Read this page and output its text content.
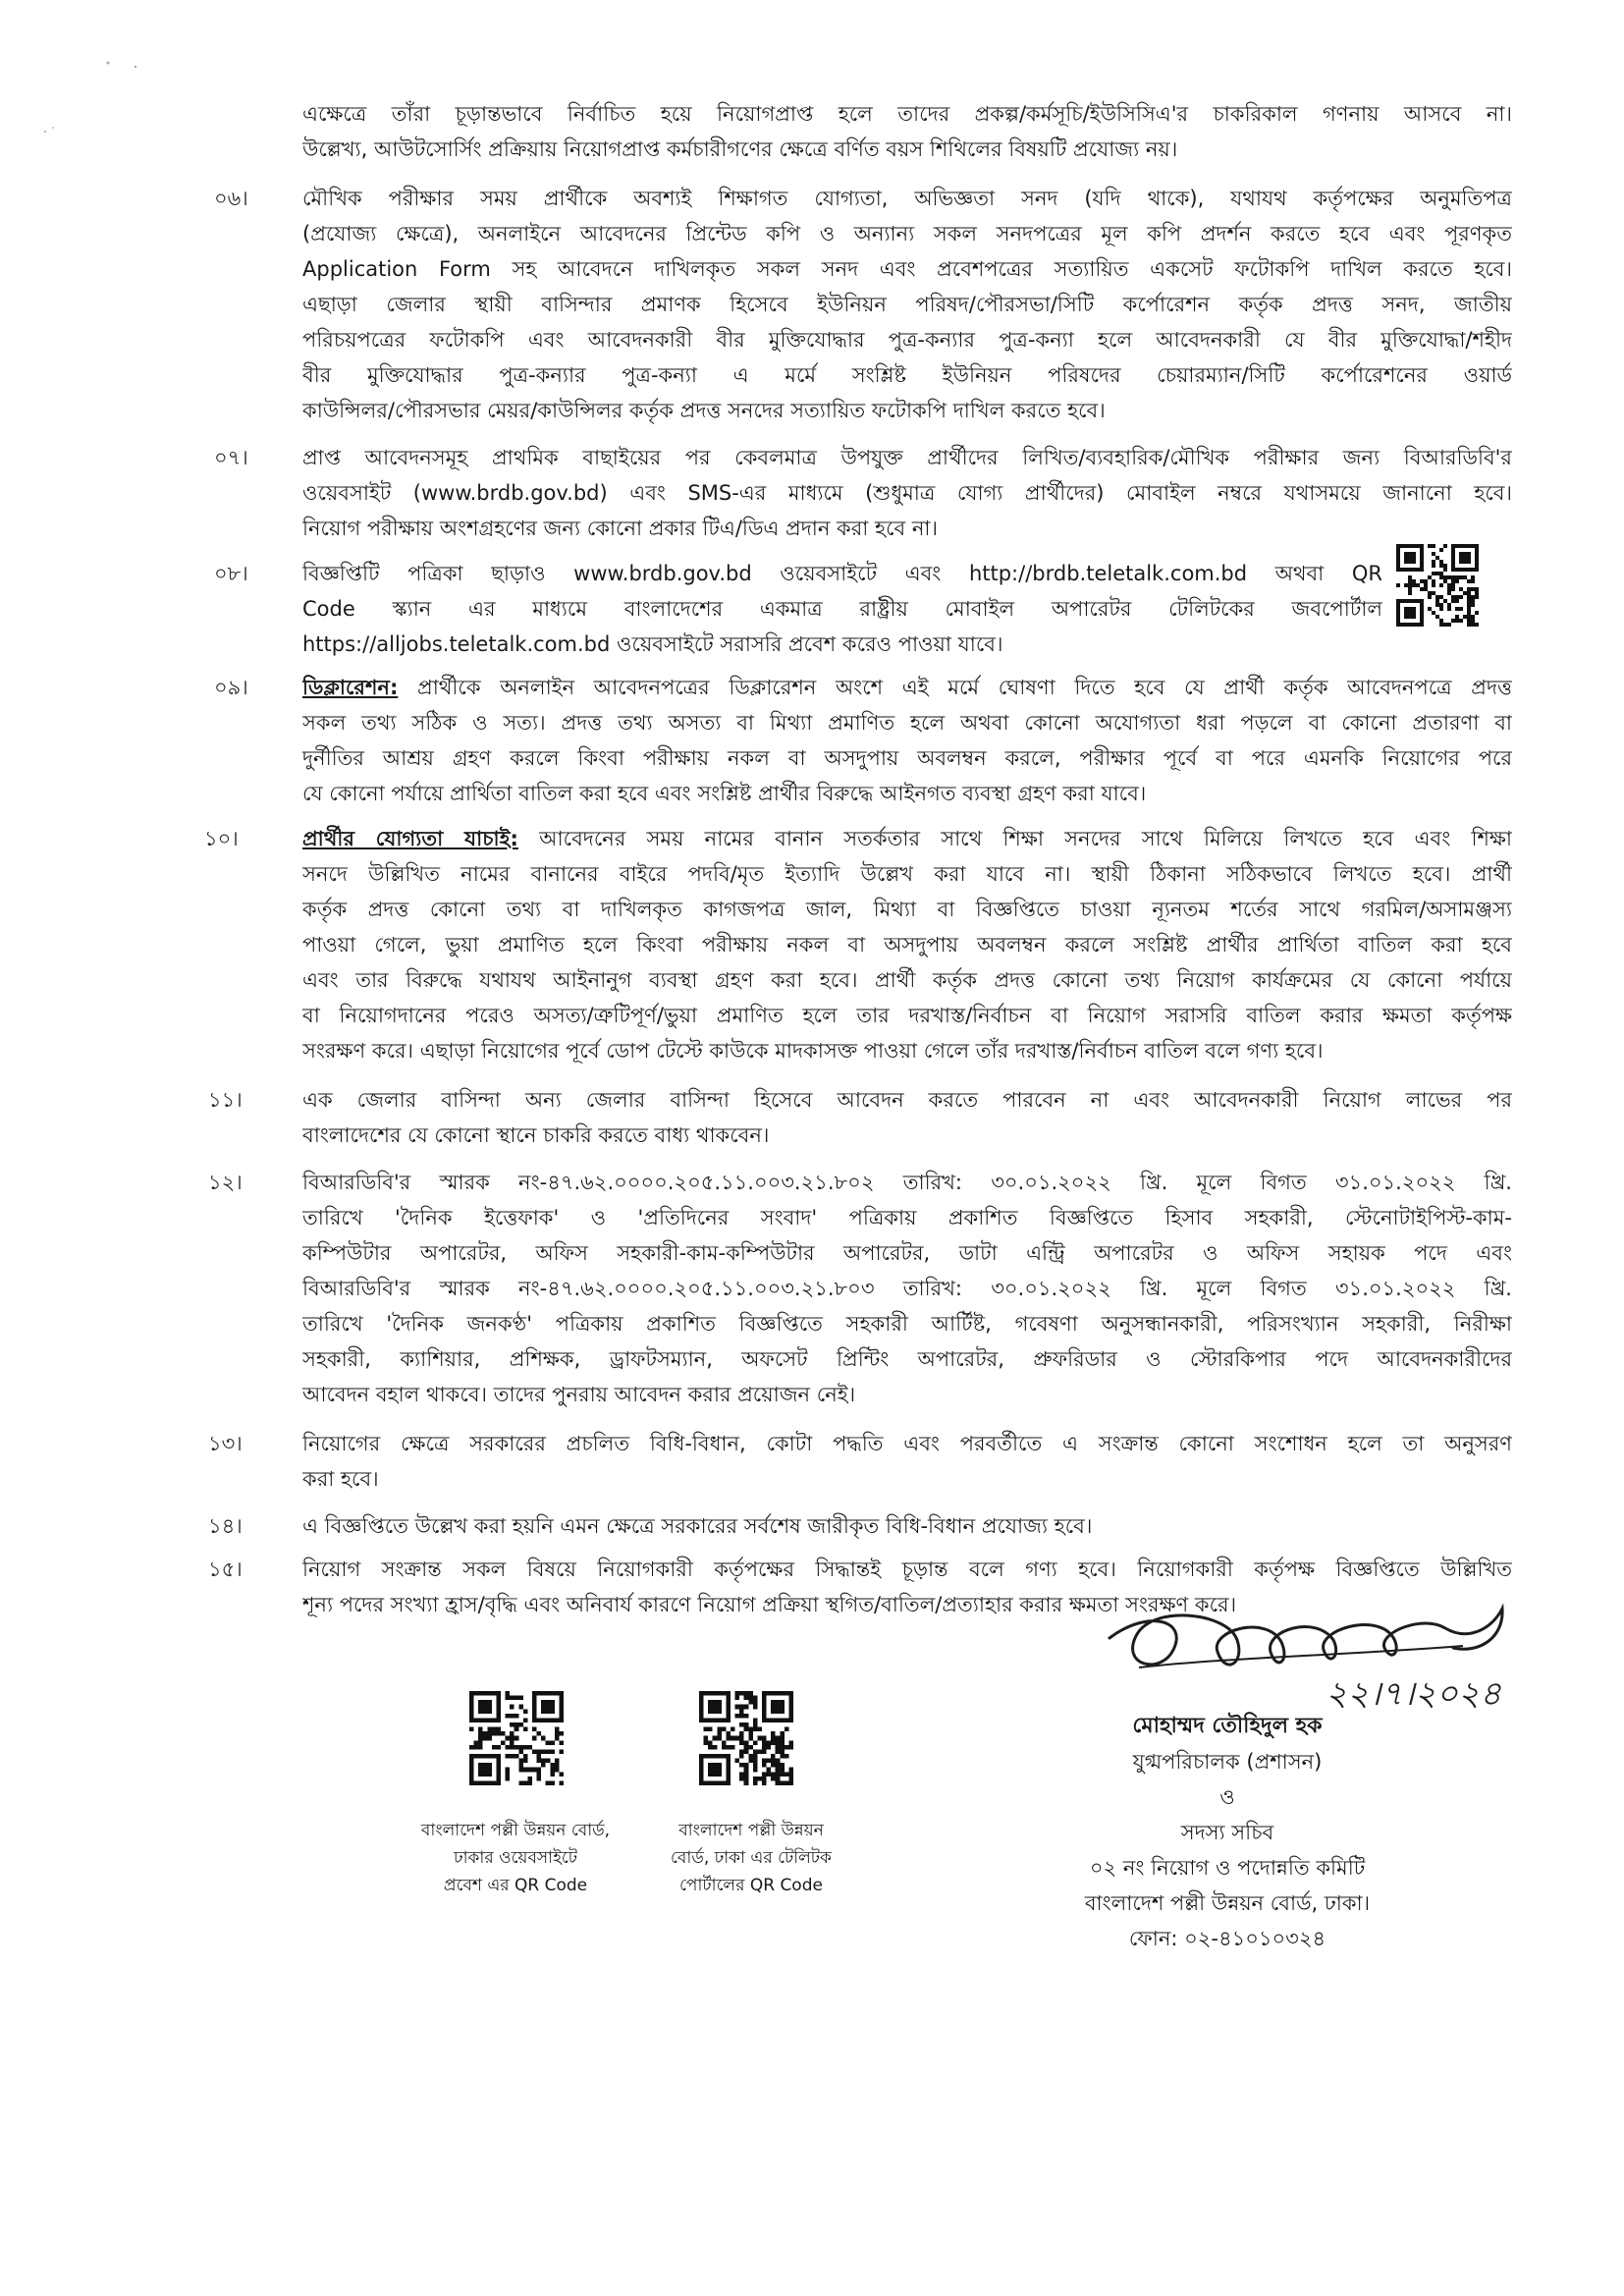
এক্ষেত্রে তাঁরা চূড়ান্তভাবে নির্বাচিত হয়ে নিয়োগপ্রাপ্ত হলে তাদের প্রকল্প/কর্মসূচি/ইউসিসিএ'র চাকরিকাল গণনায় আসবে না।
উল্লেখ্য, আউটসোর্সিং প্রক্রিয়ায় নিয়োগপ্রাপ্ত কর্মচারীগণের ক্ষেত্রে বর্ণিত বয়স শিথিলের বিষয়টি প্রযোজ্য নয়।
০৬।	মৌখিক পরীক্ষার সময় প্রার্থীকে অবশ্যই শিক্ষাগত যোগ্যতা, অভিজ্ঞতা সনদ (যদি থাকে), যথাযথ কর্তৃপক্ষের অনুমতিপত্র
(প্রযোজ্য ক্ষেত্রে), অনলাইনে আবেদনের প্রিন্টেড কপি ও অন্যান্য সকল সনদপত্রের মূল কপি প্রদর্শন করতে হবে এবং পূরণকৃত
Application Form সহ আবেদনে দাখিলকৃত সকল সনদ এবং প্রবেশপত্রের সত্যায়িত একসেট ফটোকপি দাখিল করতে হবে।
এছাড়া জেলার স্থায়ী বাসিন্দার প্রমাণক হিসেবে ইউনিয়ন পরিষদ/পৌরসভা/সিটি কর্পোরেশন কর্তৃক প্রদত্ত সনদ, জাতীয়
পরিচয়পত্রের ফটোকপি এবং আবেদনকারী বীর মুক্তিযোদ্ধার পুত্র-কন্যার পুত্র-কন্যা হলে আবেদনকারী যে বীর মুক্তিযোদ্ধা/শহীদ
বীর মুক্তিযোদ্ধার পুত্র-কন্যার পুত্র-কন্যা এ মর্মে সংশ্লিষ্ট ইউনিয়ন পরিষদের চেয়ারম্যান/সিটি কর্পোরেশনের ওয়ার্ড
কাউন্সিলর/পৌরসভার মেয়র/কাউন্সিলর কর্তৃক প্রদত্ত সনদের সত্যায়িত ফটোকপি দাখিল করতে হবে।
০৭।	প্রাপ্ত আবেদনসমূহ প্রাথমিক বাছাইয়ের পর কেবলমাত্র উপযুক্ত প্রার্থীদের লিখিত/ব্যবহারিক/মৌখিক পরীক্ষার জন্য বিআরডিবি'র
ওয়েবসাইট (www.brdb.gov.bd) এবং SMS-এর মাধ্যমে (শুধুমাত্র যোগ্য প্রার্থীদের) মোবাইল নম্বরে যথাসময়ে জানানো হবে।
নিয়োগ পরীক্ষায় অংশগ্রহণের জন্য কোনো প্রকার টিএ/ডিএ প্রদান করা হবে না।
০৮।	বিজ্ঞপ্তিটি পত্রিকা ছাড়াও www.brdb.gov.bd ওয়েবসাইটে এবং http://brdb.teletalk.com.bd অথবা QR
Code স্ক্যান এর মাধ্যমে বাংলাদেশের একমাত্র রাষ্ট্রীয় মোবাইল অপারেটর টেলিটকের জবপোর্টাল
https://alljobs.teletalk.com.bd ওয়েবসাইটে সরাসরি প্রবেশ করেও পাওয়া যাবে।
০৯।	ডিক্লারেশন: প্রার্থীকে অনলাইন আবেদনপত্রের ডিক্লারেশন অংশে এই মর্মে ঘোষণা দিতে হবে যে প্রার্থী কর্তৃক আবেদনপত্রে প্রদত্ত
সকল তথ্য সঠিক ও সত্য। প্রদত্ত তথ্য অসত্য বা মিথ্যা প্রমাণিত হলে অথবা কোনো অযোগ্যতা ধরা পড়লে বা কোনো প্রতারণা বা
দুর্নীতির আশ্রয় গ্রহণ করলে কিংবা পরীক্ষায় নকল বা অসদুপায় অবলম্বন করলে, পরীক্ষার পূর্বে বা পরে এমনকি নিয়োগের পরে
যে কোনো পর্যায়ে প্রার্থিতা বাতিল করা হবে এবং সংশ্লিষ্ট প্রার্থীর বিরুদ্ধে আইনগত ব্যবস্থা গ্রহণ করা যাবে।
১০।	প্রার্থীর যোগ্যতা যাচাই: আবেদনের সময় নামের বানান সতর্কতার সাথে শিক্ষা সনদের সাথে মিলিয়ে লিখতে হবে এবং শিক্ষা
সনদে উল্লিখিত নামের বানানের বাইরে পদবি/মৃত ইত্যাদি উল্লেখ করা যাবে না। স্থায়ী ঠিকানা সঠিকভাবে লিখতে হবে। প্রার্থী
কর্তৃক প্রদত্ত কোনো তথ্য বা দাখিলকৃত কাগজপত্র জাল, মিথ্যা বা বিজ্ঞপ্তিতে চাওয়া ন্যূনতম শর্তের সাথে গরমিল/অসামঞ্জস্য
পাওয়া গেলে, ভুয়া প্রমাণিত হলে কিংবা পরীক্ষায় নকল বা অসদুপায় অবলম্বন করলে সংশ্লিষ্ট প্রার্থীর প্রার্থিতা বাতিল করা হবে
এবং তার বিরুদ্ধে যথাযথ আইনানুগ ব্যবস্থা গ্রহণ করা হবে। প্রার্থী কর্তৃক প্রদত্ত কোনো তথ্য নিয়োগ কার্যক্রমের যে কোনো পর্যায়ে
বা নিয়োগদানের পরেও অসত্য/ত্রুটিপূর্ণ/ভুয়া প্রমাণিত হলে তার দরখাস্ত/নির্বাচন বা নিয়োগ সরাসরি বাতিল করার ক্ষমতা কর্তৃপক্ষ
সংরক্ষণ করে। এছাড়া নিয়োগের পূর্বে ডোপ টেস্টে কাউকে মাদকাসক্ত পাওয়া গেলে তাঁর দরখাস্ত/নির্বাচন বাতিল বলে গণ্য হবে।
১১।	এক জেলার বাসিন্দা অন্য জেলার বাসিন্দা হিসেবে আবেদন করতে পারবেন না এবং আবেদনকারী নিয়োগ লাভের পর
বাংলাদেশের যে কোনো স্থানে চাকরি করতে বাধ্য থাকবেন।
১২।	বিআরডিবি'র স্মারক নং-৪৭.৬২.০০০০.২০৫.১১.০০৩.২১.৮০২ তারিখ: ৩০.০১.২০২২ খ্রি. মূলে বিগত ৩১.০১.২০২২ খ্রি.
তারিখে 'দৈনিক ইত্তেফাক' ও 'প্রতিদিনের সংবাদ' পত্রিকায় প্রকাশিত বিজ্ঞপ্তিতে হিসাব সহকারী, স্টেনোটাইপিস্ট-কাম-
কম্পিউটার অপারেটর, অফিস সহকারী-কাম-কম্পিউটার অপারেটর, ডাটা এন্ট্রি অপারেটর ও অফিস সহায়ক পদে এবং
বিআরডিবি'র স্মারক নং-৪৭.৬২.০০০০.২০৫.১১.০০৩.২১.৮০৩ তারিখ: ৩০.০১.২০২২ খ্রি. মূলে বিগত ৩১.০১.২০২২ খ্রি.
তারিখে 'দৈনিক জনকণ্ঠ' পত্রিকায় প্রকাশিত বিজ্ঞপ্তিতে সহকারী আর্টিষ্ট, গবেষণা অনুসন্ধানকারী, পরিসংখ্যান সহকারী, নিরীক্ষা
সহকারী, ক্যাশিয়ার, প্রশিক্ষক, ড্রাফটসম্যান, অফসেট প্রিন্টিং অপারেটর, প্রুফরিডার ও স্টোরকিপার পদে আবেদনকারীদের
আবেদন বহাল থাকবে। তাদের পুনরায় আবেদন করার প্রয়োজন নেই।
১৩।	নিয়োগের ক্ষেত্রে সরকারের প্রচলিত বিধি-বিধান, কোটা পদ্ধতি এবং পরবর্তীতে এ সংক্রান্ত কোনো সংশোধন হলে তা অনুসরণ
করা হবে।
১৪।	এ বিজ্ঞপ্তিতে উল্লেখ করা হয়নি এমন ক্ষেত্রে সরকারের সর্বশেষ জারীকৃত বিধি-বিধান প্রযোজ্য হবে।
১৫।	নিয়োগ সংক্রান্ত সকল বিষয়ে নিয়োগকারী কর্তৃপক্ষের সিদ্ধান্তই চূড়ান্ত বলে গণ্য হবে। নিয়োগকারী কর্তৃপক্ষ বিজ্ঞপ্তিতে উল্লিখিত
শূন্য পদের সংখ্যা হ্রাস/বৃদ্ধি এবং অনিবার্য কারণে নিয়োগ প্রক্রিয়া স্থগিত/বাতিল/প্রত্যাহার করার ক্ষমতা সংরক্ষণ করে।
২২।৭।২০২৪
বাংলাদেশ পল্লী উন্নয়ন বোর্ড,
ঢাকার ওয়েবসাইটে
প্রবেশ এর QR Code
বাংলাদেশ পল্লী উন্নয়ন
বোর্ড, ঢাকা এর টেলিটক
পোর্টালের QR Code
মোহাম্মদ তৌহিদুল হক
যুগ্মপরিচালক (প্রশাসন)
ও
সদস্য সচিব
০২ নং নিয়োগ ও পদোন্নতি কমিটি
বাংলাদেশ পল্লী উন্নয়ন বোর্ড, ঢাকা।
ফোন: ০২-৪১০১০৩২৪
